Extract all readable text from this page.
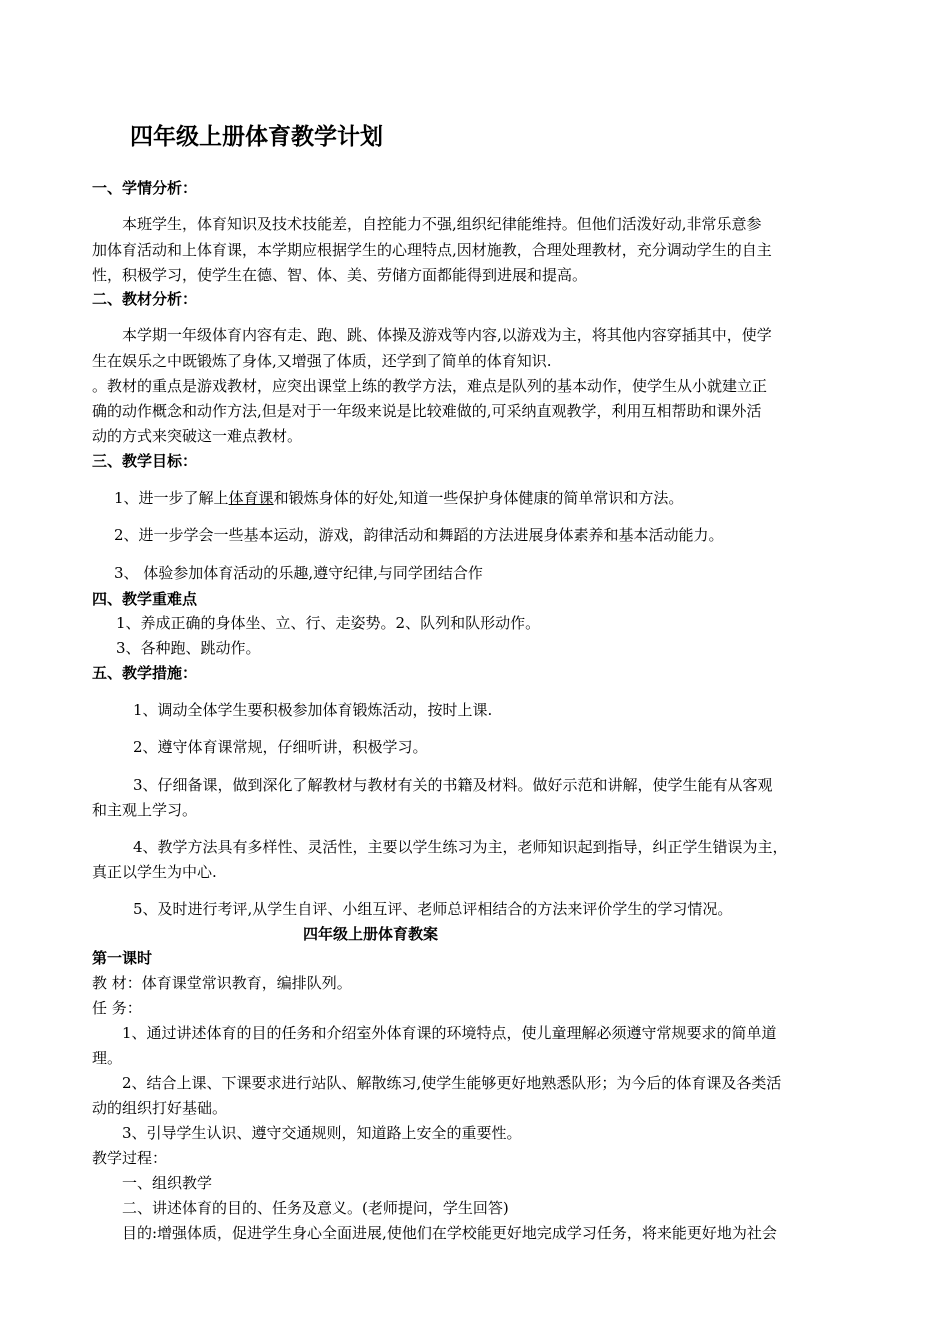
四年级上册体育教学计划
一、学情分析：
本班学生，体育知识及技术技能差，自控能力不强,组织纪律能维持。但他们活泼好动,非常乐意参
加体育活动和上体育课，本学期应根据学生的心理特点,因材施教，合理处理教材，充分调动学生的自主
性，积极学习，使学生在德、智、体、美、劳储方面都能得到进展和提高。
二、教材分析：
本学期一年级体育内容有走、跑、跳、体操及游戏等内容,以游戏为主，将其他内容穿插其中，使学
生在娱乐之中既锻炼了身体,又增强了体质，还学到了简单的体育知识.
。教材的重点是游戏教材，应突出课堂上练的教学方法，难点是队列的基本动作，使学生从小就建立正
确的动作概念和动作方法,但是对于一年级来说是比较难做的,可采纳直观教学，利用互相帮助和课外活
动的方式来突破这一难点教材。
三、教学目标：
1、进一步了解上体育课和锻炼身体的好处,知道一些保护身体健康的简单常识和方法。
2、进一步学会一些基本运动，游戏，韵律活动和舞蹈的方法进展身体素养和基本活动能力。
3、 体验参加体育活动的乐趣,遵守纪律,与同学团结合作
四、教学重难点
1、养成正确的身体坐、立、行、走姿势。2、队列和队形动作。
3、各种跑、跳动作。
五、教学措施：
1、调动全体学生要积极参加体育锻炼活动，按时上课.
2、遵守体育课常规，仔细听讲，积极学习。
3、仔细备课，做到深化了解教材与教材有关的书籍及材料。做好示范和讲解，使学生能有从客观
和主观上学习。
4、教学方法具有多样性、灵活性，主要以学生练习为主，老师知识起到指导，纠正学生错误为主，
真正以学生为中心.
5、及时进行考评,从学生自评、小组互评、老师总评相结合的方法来评价学生的学习情况。
四年级上册体育教案
第一课时
教 材：体育课堂常识教育，编排队列。
任 务：
1、通过讲述体育的目的任务和介绍室外体育课的环境特点，使儿童理解必须遵守常规要求的简单道
理。
2、结合上课、下课要求进行站队、解散练习,使学生能够更好地熟悉队形；为今后的体育课及各类活
动的组织打好基础。
3、引导学生认识、遵守交通规则，知道路上安全的重要性。
教学过程：
一、组织教学
二、讲述体育的目的、任务及意义。(老师提问，学生回答)
目的:增强体质，促进学生身心全面进展,使他们在学校能更好地完成学习任务，将来能更好地为社会
